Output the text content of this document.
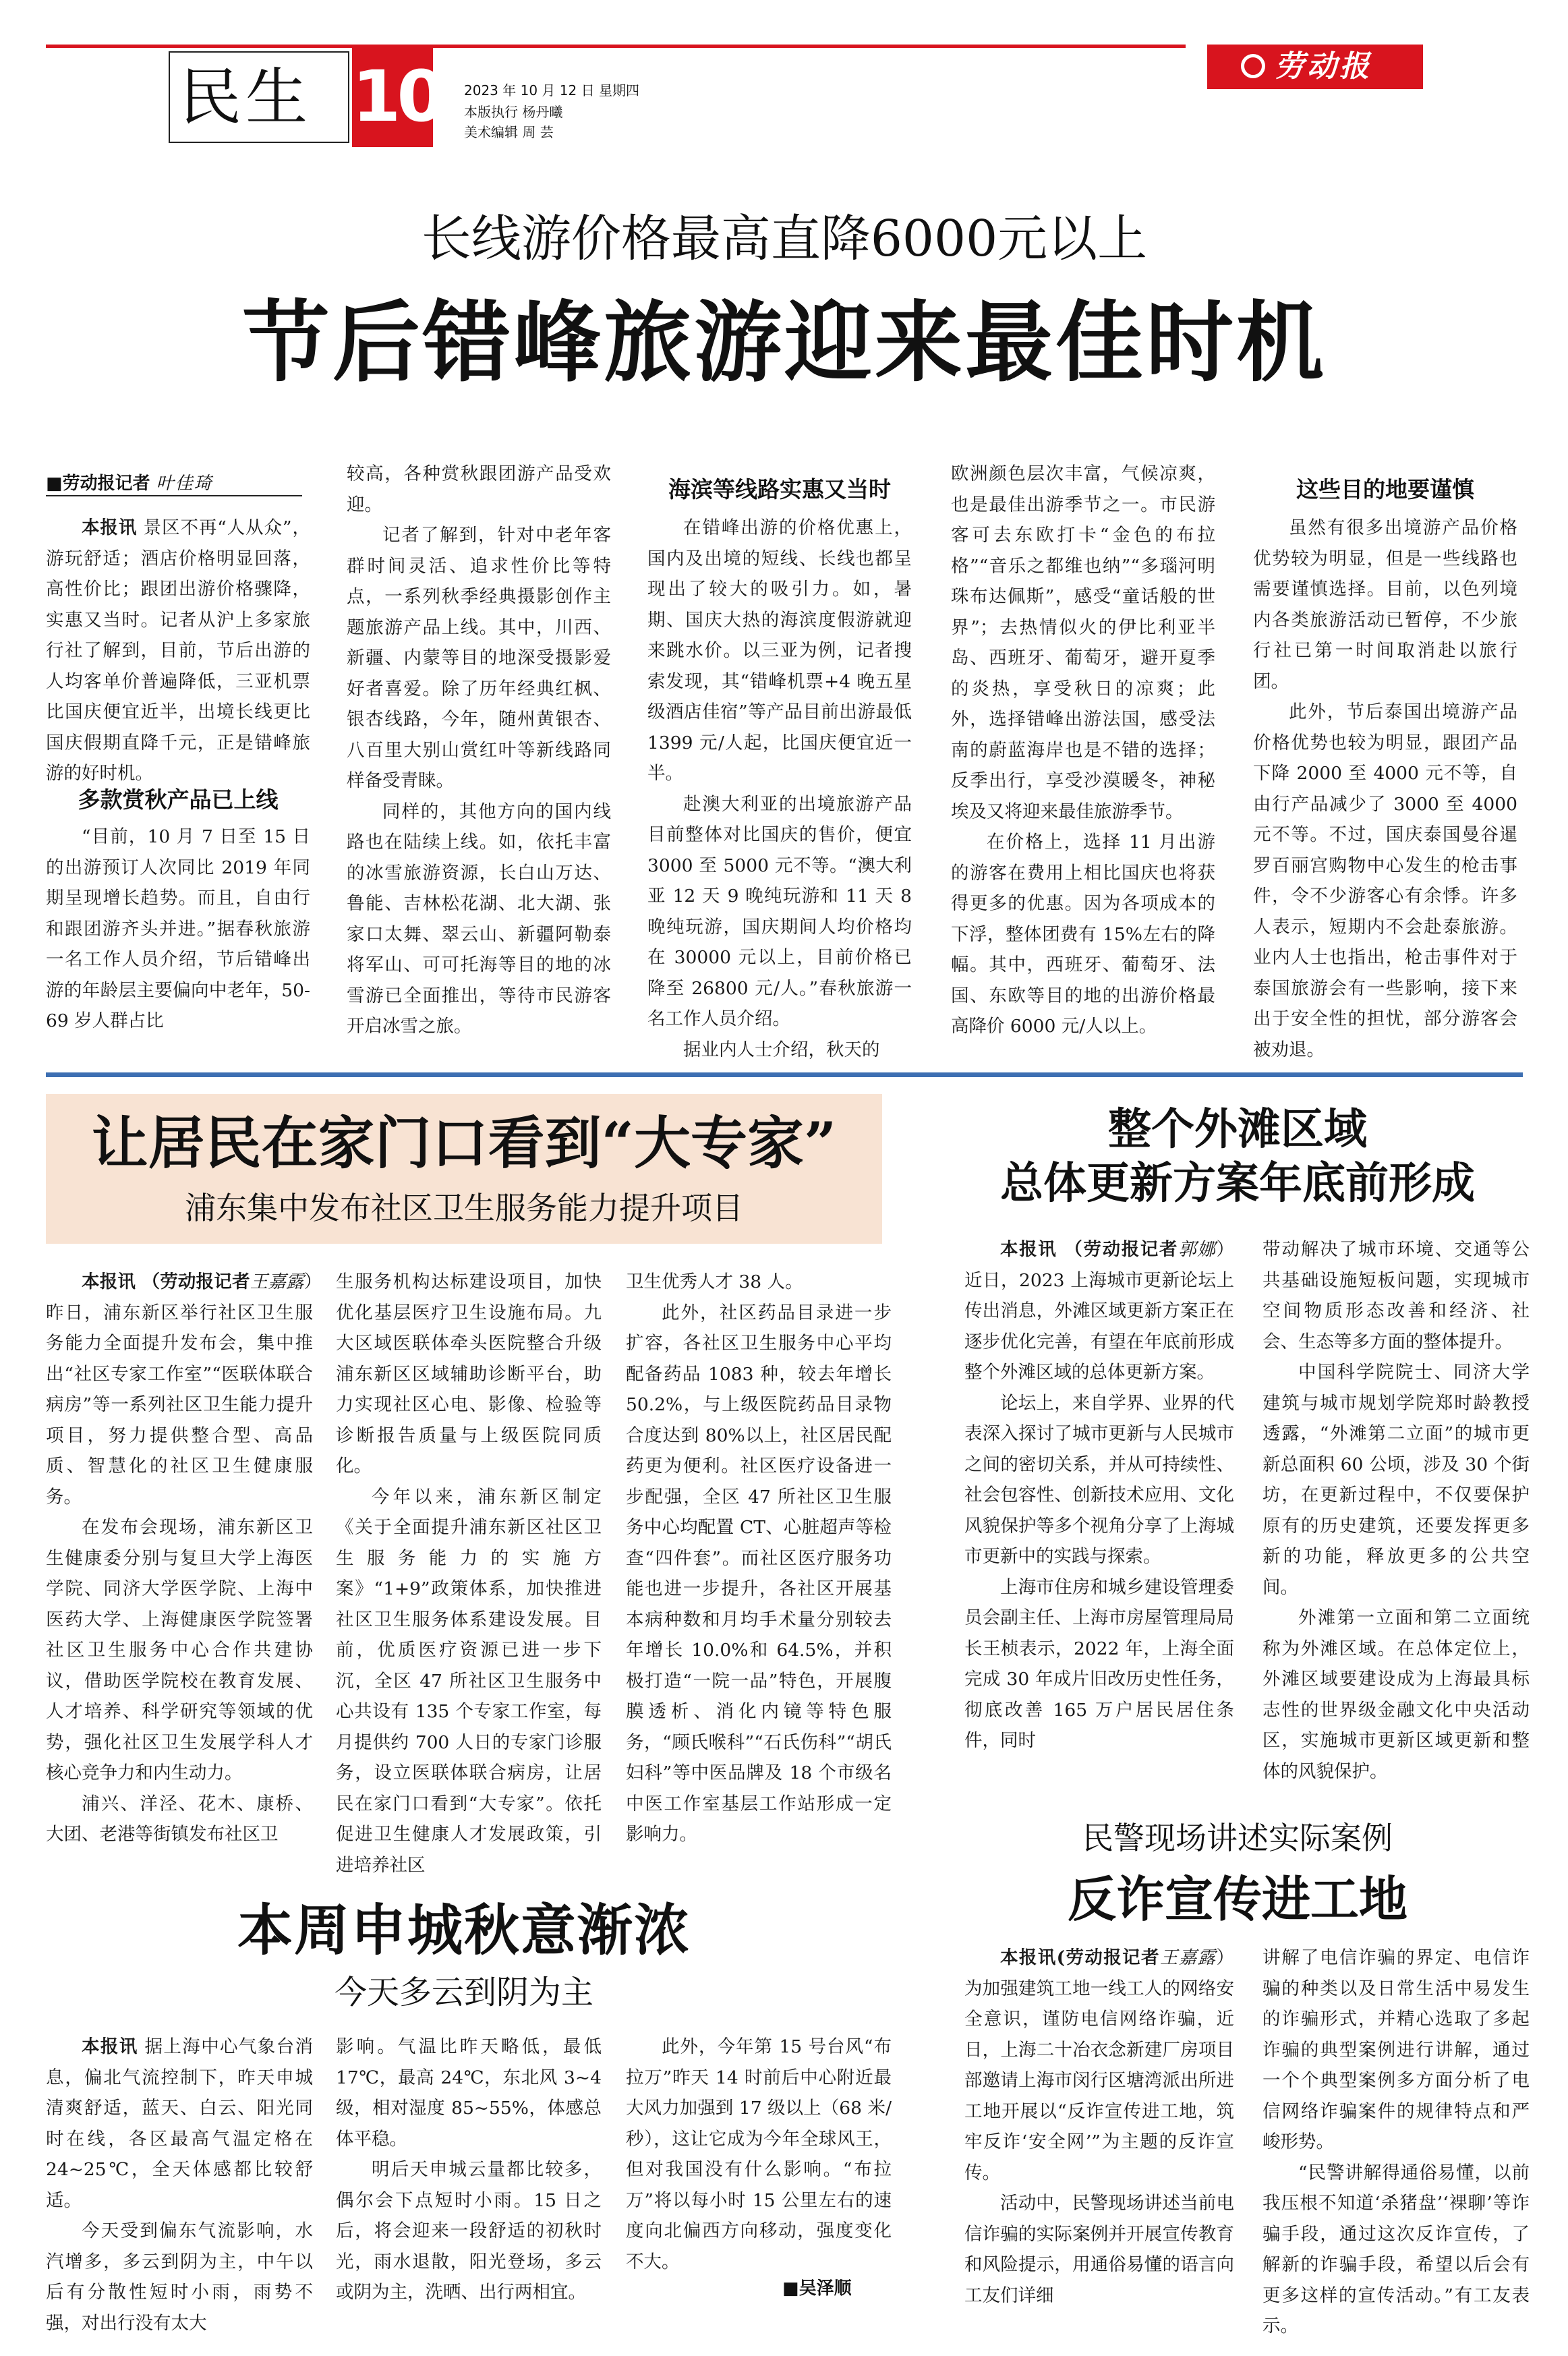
民生 10 2023 年 10 月 12 日 星期四
本版执行 杨丹曦
美术编辑 周 芸
劳动报
长线游价格最高直降6000元以上
节后错峰旅游迎来最佳时机
■劳动报记者 叶佳琦

本报讯 景区不再“人从众”，游玩舒适；酒店价格明显回落，高性价比；跟团出游价格骤降，实惠又当时。记者从沪上多家旅行社了解到，目前，节后出游的人均客单价普遍降低，三亚机票比国庆便宜近半，出境长线更比国庆假期直降千元，正是错峰旅游的好时机。

多款赏秋产品已上线

“目前，10 月 7 日至 15 日的出游预订人次同比 2019 年同期呈现增长趋势。而且，自由行和跟团游齐头并进。”据春秋旅游一名工作人员介绍，节后错峰出游的年龄层主要偏向中老年，50-69 岁人群占比

较高，各种赏秋跟团游产品受欢迎。

记者了解到，针对中老年客群时间灵活、追求性价比等特点，一系列秋季经典摄影创作主题旅游产品上线。其中，川西、新疆、内蒙等目的地深受摄影爱好者喜爱。除了历年经典红枫、银杏线路，今年，随州黄银杏、八百里大别山赏红叶等新线路同样备受青睐。

同样的，其他方向的国内线路也在陆续上线。如，依托丰富的冰雪旅游资源，长白山万达、鲁能、吉林松花湖、北大湖、张家口太舞、翠云山、新疆阿勒泰将军山、可可托海等目的地的冰雪游已全面推出，等待市民游客开启冰雪之旅。

海滨等线路实惠又当时

在错峰出游的价格优惠上，国内及出境的短线、长线也都呈现出了较大的吸引力。如，暑期、国庆大热的海滨度假游就迎来跳水价。以三亚为例，记者搜索发现，其“错峰机票+4 晚五星级酒店佳宿”等产品目前出游最低 1399 元/人起，比国庆便宜近一半。

赴澳大利亚的出境旅游产品目前整体对比国庆的售价，便宜 3000 至 5000 元不等。“澳大利亚 12 天 9 晚纯玩游和 11 天 8 晚纯玩游，国庆期间人均价格均在 30000 元以上，目前价格已降至 26800 元/人。”春秋旅游一名工作人员介绍。

据业内人士介绍，秋天的

欧洲颜色层次丰富，气候凉爽，也是最佳出游季节之一。市民游客可去东欧打卡“金色的布拉格”“音乐之都维也纳”“多瑙河明珠布达佩斯”，感受“童话般的世界”；去热情似火的伊比利亚半岛、西班牙、葡萄牙，避开夏季的炎热，享受秋日的凉爽；此外，选择错峰出游法国，感受法南的蔚蓝海岸也是不错的选择；反季出行，享受沙漠暖冬，神秘埃及又将迎来最佳旅游季节。

在价格上，选择 11 月出游的游客在费用上相比国庆也将获得更多的优惠。因为各项成本的下浮，整体团费有 15%左右的降幅。其中，西班牙、葡萄牙、法国、东欧等目的地的出游价格最高降价 6000 元/人以上。

这些目的地要谨慎

虽然有很多出境游产品价格优势较为明显，但是一些线路也需要谨慎选择。目前，以色列境内各类旅游活动已暂停，不少旅行社已第一时间取消赴以旅行团。

此外，节后泰国出境游产品价格优势也较为明显，跟团产品下降 2000 至 4000 元不等，自由行产品减少了 3000 至 4000 元不等。不过，国庆泰国曼谷暹罗百丽宫购物中心发生的枪击事件，令不少游客心有余悸。许多人表示，短期内不会赴泰旅游。业内人士也指出，枪击事件对于泰国旅游会有一些影响，接下来出于安全性的担忧，部分游客会被劝退。

让居民在家门口看到“大专家”
浦东集中发布社区卫生服务能力提升项目

本报讯 （劳动报记者王嘉露）昨日，浦东新区举行社区卫生服务能力全面提升发布会，集中推出“社区专家工作室”“医联体联合病房”等一系列社区卫生能力提升项目，努力提供整合型、高品质、智慧化的社区卫生健康服务。

在发布会现场，浦东新区卫生健康委分别与复旦大学上海医学院、同济大学医学院、上海中医药大学、上海健康医学院签署社区卫生服务中心合作共建协议，借助医学院校在教育发展、人才培养、科学研究等领域的优势，强化社区卫生发展学科人才核心竞争力和内生动力。

浦兴、洋泾、花木、康桥、大团、老港等街镇发布社区卫

生服务机构达标建设项目，加快优化基层医疗卫生设施布局。九大区域医联体牵头医院整合升级浦东新区区域辅助诊断平台，助力实现社区心电、影像、检验等诊断报告质量与上级医院同质化。

今年以来，浦东新区制定《关于全面提升浦东新区社区卫生服务能力的实施方案》“1+9”政策体系，加快推进社区卫生服务体系建设发展。目前，优质医疗资源已进一步下沉，全区 47 所社区卫生服务中心共设有 135 个专家工作室，每月提供约 700 人日的专家门诊服务，设立医联体联合病房，让居民在家门口看到“大专家”。依托促进卫生健康人才发展政策，引进培养社区

卫生优秀人才 38 人。

此外，社区药品目录进一步扩容，各社区卫生服务中心平均配备药品 1083 种，较去年增长 50.2%，与上级医院药品目录物合度达到 80%以上，社区居民配药更为便利。社区医疗设备进一步配强，全区 47 所社区卫生服务中心均配置 CT、心脏超声等检查“四件套”。而社区医疗服务功能也进一步提升，各社区开展基本病种数和月均手术量分别较去年增长 10.0%和 64.5%，并积极打造“一院一品”特色，开展腹膜透析、消化内镜等特色服务，“顾氏喉科”“石氏伤科”“胡氏妇科”等中医品牌及 18 个市级名中医工作室基层工作站形成一定影响力。

整个外滩区域
总体更新方案年底前形成

本报讯 （劳动报记者郭娜）近日，2023 上海城市更新论坛上传出消息，外滩区域更新方案正在逐步优化完善，有望在年底前形成整个外滩区域的总体更新方案。

论坛上，来自学界、业界的代表深入探讨了城市更新与人民城市之间的密切关系，并从可持续性、社会包容性、创新技术应用、文化风貌保护等多个视角分享了上海城市更新中的实践与探索。

上海市住房和城乡建设管理委员会副主任、上海市房屋管理局局长王桢表示，2022 年，上海全面完成 30 年成片旧改历史性任务，彻底改善 165 万户居民居住条件，同时

带动解决了城市环境、交通等公共基础设施短板问题，实现城市空间物质形态改善和经济、社会、生态等多方面的整体提升。

中国科学院院士、同济大学建筑与城市规划学院郑时龄教授透露，“外滩第二立面”的城市更新总面积 60 公顷，涉及 30 个街坊，在更新过程中，不仅要保护原有的历史建筑，还要发挥更多新的功能，释放更多的公共空间。

外滩第一立面和第二立面统称为外滩区域。在总体定位上，外滩区域要建设成为上海最具标志性的世界级金融文化中央活动区，实施城市更新区域更新和整体的风貌保护。

本周申城秋意渐浓
今天多云到阴为主

本报讯 据上海中心气象台消息，偏北气流控制下，昨天申城清爽舒适，蓝天、白云、阳光同时在线，各区最高气温定格在 24~25℃，全天体感都比较舒适。

今天受到偏东气流影响，水汽增多，多云到阴为主，中午以后有分散性短时小雨，雨势不强，对出行没有太大

影响。气温比昨天略低，最低 17℃，最高 24℃，东北风 3~4 级，相对湿度 85~55%，体感总体平稳。

明后天申城云量都比较多，偶尔会下点短时小雨。15 日之后，将会迎来一段舒适的初秋时光，雨水退散，阳光登场，多云或阴为主，洗晒、出行两相宜。

此外，今年第 15 号台风“布拉万”昨天 14 时前后中心附近最大风力加强到 17 级以上（68 米/秒），这让它成为今年全球风王，但对我国没有什么影响。“布拉万”将以每小时 15 公里左右的速度向北偏西方向移动，强度变化不大。

■吴泽顺
民警现场讲述实际案例
反诈宣传进工地

本报讯(劳动报记者王嘉露）为加强建筑工地一线工人的网络安全意识，谨防电信网络诈骗，近日，上海二十冶衣念新建厂房项目部邀请上海市闵行区塘湾派出所进工地开展以“反诈宣传进工地，筑牢反诈‘安全网’”为主题的反诈宣传。

活动中，民警现场讲述当前电信诈骗的实际案例并开展宣传教育和风险提示，用通俗易懂的语言向工友们详细

讲解了电信诈骗的界定、电信诈骗的种类以及日常生活中易发生的诈骗形式，并精心选取了多起诈骗的典型案例进行讲解，通过一个个典型案例多方面分析了电信网络诈骗案件的规律特点和严峻形势。

“民警讲解得通俗易懂，以前我压根不知道‘杀猪盘’‘裸聊’等诈骗手段，通过这次反诈宣传，了解新的诈骗手段，希望以后会有更多这样的宣传活动。”有工友表示。
